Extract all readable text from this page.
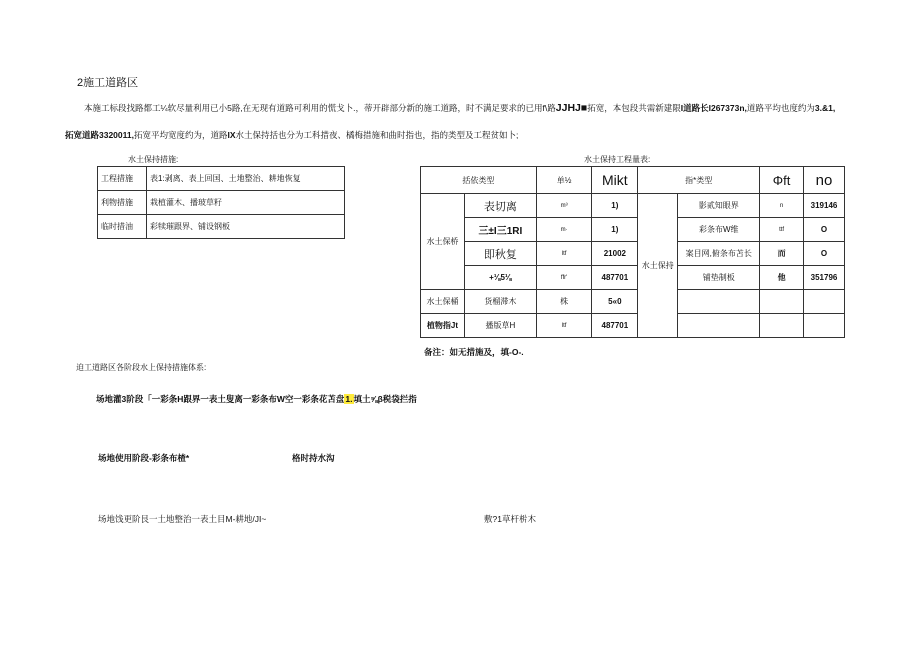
2施工道路区
本施工标段找路都工¼软尽量利用已小5路,在无现有道路可利用的慌戈卜.，蒂开辟部分新的施工道路，时不满足要求的已用f\路JJHJ■拓宽，本包段共需新建限I道路长I267373n,道路平均也度约为3.&1,
拓宽道路3320011,拓宽平均宽度约为，道路IX水土保持括也分为工科措夜、橘梅措施和曲时指也，指的类型及工程贫如卜;
水土保持措施:	水土保持工程量表:
工程措施	表1:剥离、表上回国、土地整治、耕地恢复
利物措施	栽植灌木、播玻草籽
临时措油	彩犊璀跟界、铺设钢板
括依类型		单½	Mikt	指*类型		Φft	no
水土保桥	表切离	m³	1)	水土保持	影贰知眼界	n	319146
	三±I三1RI	m·	1)		彩条布W维	ttf	O
	即秋复	ltf	21002		案目网,俯条布苫长	而	O
	+⅛5⅛	ffr'	487701		铺垫制板	他	351796
水土保桶	货榴滞木	株	5«0				
植物指Jt	播版草H	ltf	487701				
备注：如无措施及，填-O-.
迫工道路区各阶段水上保持措施体系:
场地灌3阶段「一彩条H跟界一表土叟离一彩条布W空一彩条花苫盘1.填土⅝β税袋拦指
场地使用阶段-彩条布楂*	格时持水沟
场地饯更阶艮一土地整治一表土目M-耕地/JI~	敷?1草杆㭊木
